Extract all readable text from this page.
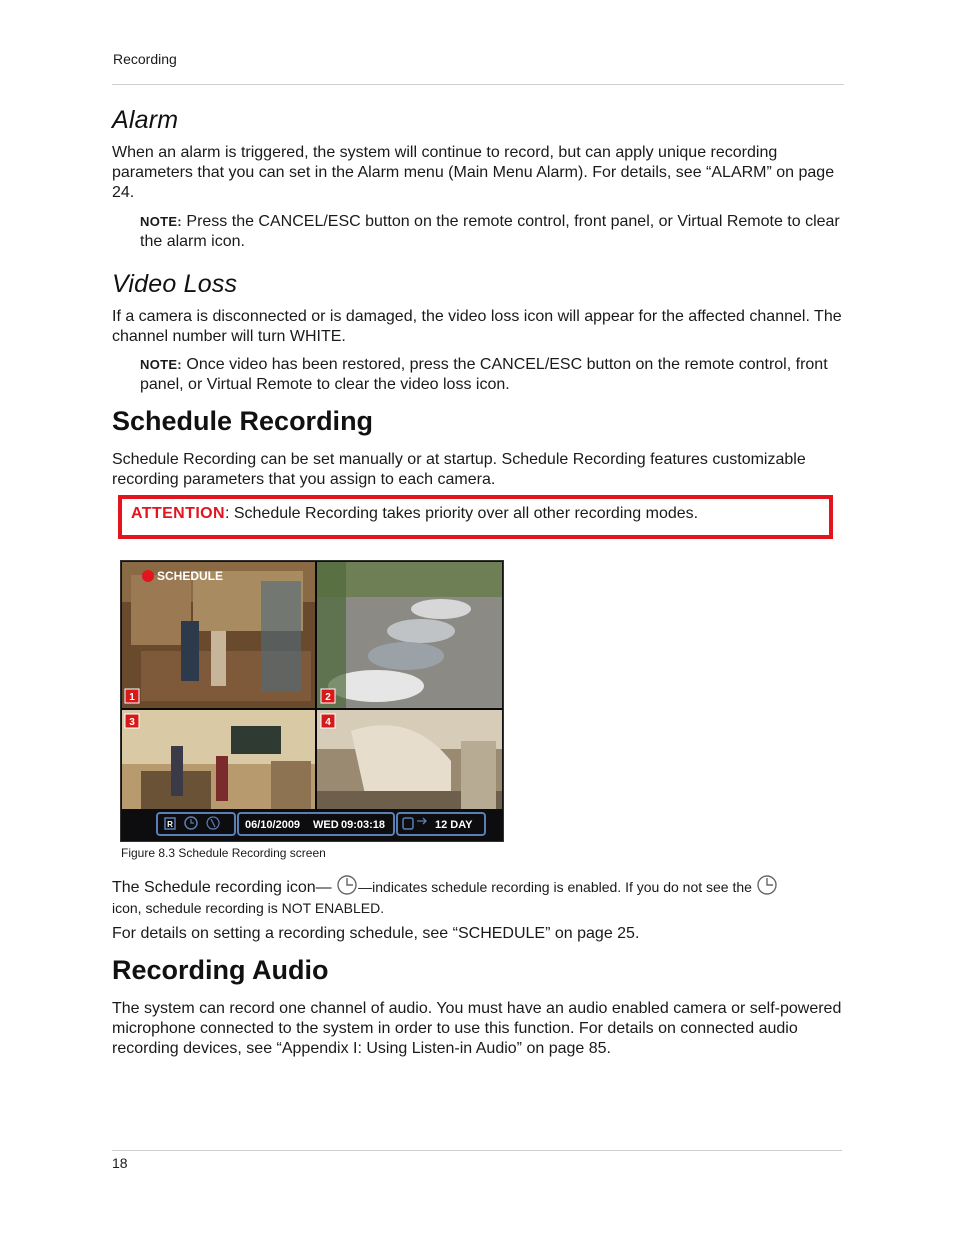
Recording
Alarm

When an alarm is triggered, the system will continue to record, but can apply unique recording parameters that you can set in the Alarm menu (Main Menu Alarm). For details, see “ALARM” on page 24.

NOTE: Press the CANCEL/ESC button on the remote control, front panel, or Virtual Remote to clear the alarm icon.

Video Loss

If a camera is disconnected or is damaged, the video loss icon will appear for the affected channel. The channel number will turn WHITE.

NOTE: Once video has been restored, press the CANCEL/ESC button on the remote control, front panel, or Virtual Remote to clear the video loss icon.

Schedule Recording

Schedule Recording can be set manually or at startup. Schedule Recording features customizable recording parameters that you assign to each camera.

ATTENTION: Schedule Recording takes priority over all other recording modes.
SCHEDULE
1	2
3	4
R	06/10/2009 WED 09:03:18	12 DAY
Figure 8.3 Schedule Recording screen
The Schedule recording icon— —indicates schedule recording is enabled. If you do not see the
icon, schedule recording is NOT ENABLED.

For details on setting a recording schedule, see “SCHEDULE” on page 25.

Recording Audio

The system can record one channel of audio. You must have an audio enabled camera or self-powered microphone connected to the system in order to use this function. For details on connected audio recording devices, see “Appendix I: Using Listen-in Audio” on page 85.

18
